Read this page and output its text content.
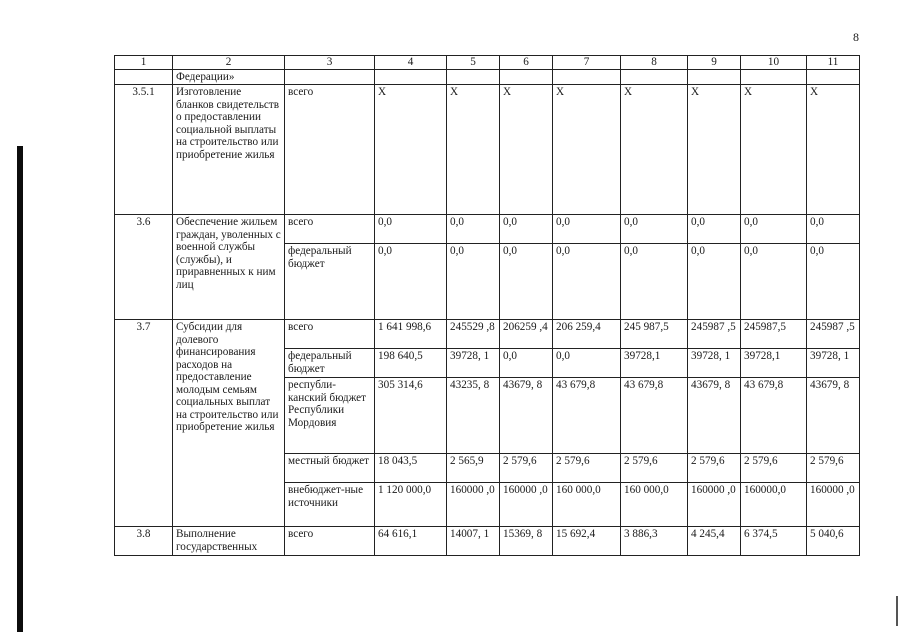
8
1	2	3	4	5	6	7	8	9	10	11
	Федерации»									
3.5.1	Изготовление бланков свидетельств о предоставлении социальной выплаты на строительство или приобретение жилья	всего	X	X	X	X	X	X	X	X
3.6	Обеспечение жильем граждан, уволенных с военной службы (службы), и приравненных к ним лиц	всего	0,0	0,0	0,0	0,0	0,0	0,0	0,0	0,0
		федеральный бюджет	0,0	0,0	0,0	0,0	0,0	0,0	0,0	0,0
3.7	Субсидии для долевого финансирования расходов на предоставление молодым семьям социальных выплат на строительство или приобретение жилья	всего	1 641 998,6	245529 ,8	206259 ,4	206 259,4	245 987,5	245987 ,5	245987,5	245987 ,5
		федеральный бюджет	198 640,5	39728, 1	0,0	0,0	39728,1	39728, 1	39728,1	39728, 1
		республи-канский бюджет Республики Мордовия	305 314,6	43235, 8	43679, 8	43 679,8	43 679,8	43679, 8	43 679,8	43679, 8
		местный бюджет	18 043,5	2 565,9	2 579,6	2 579,6	2 579,6	2 579,6	2 579,6	2 579,6
		внебюджет-ные источники	1 120 000,0	160000 ,0	160000 ,0	160 000,0	160 000,0	160000 ,0	160000,0	160000 ,0
3.8	Выполнение государственных	всего	64 616,1	14007, 1	15369, 8	15 692,4	3 886,3	4 245,4	6 374,5	5 040,6
